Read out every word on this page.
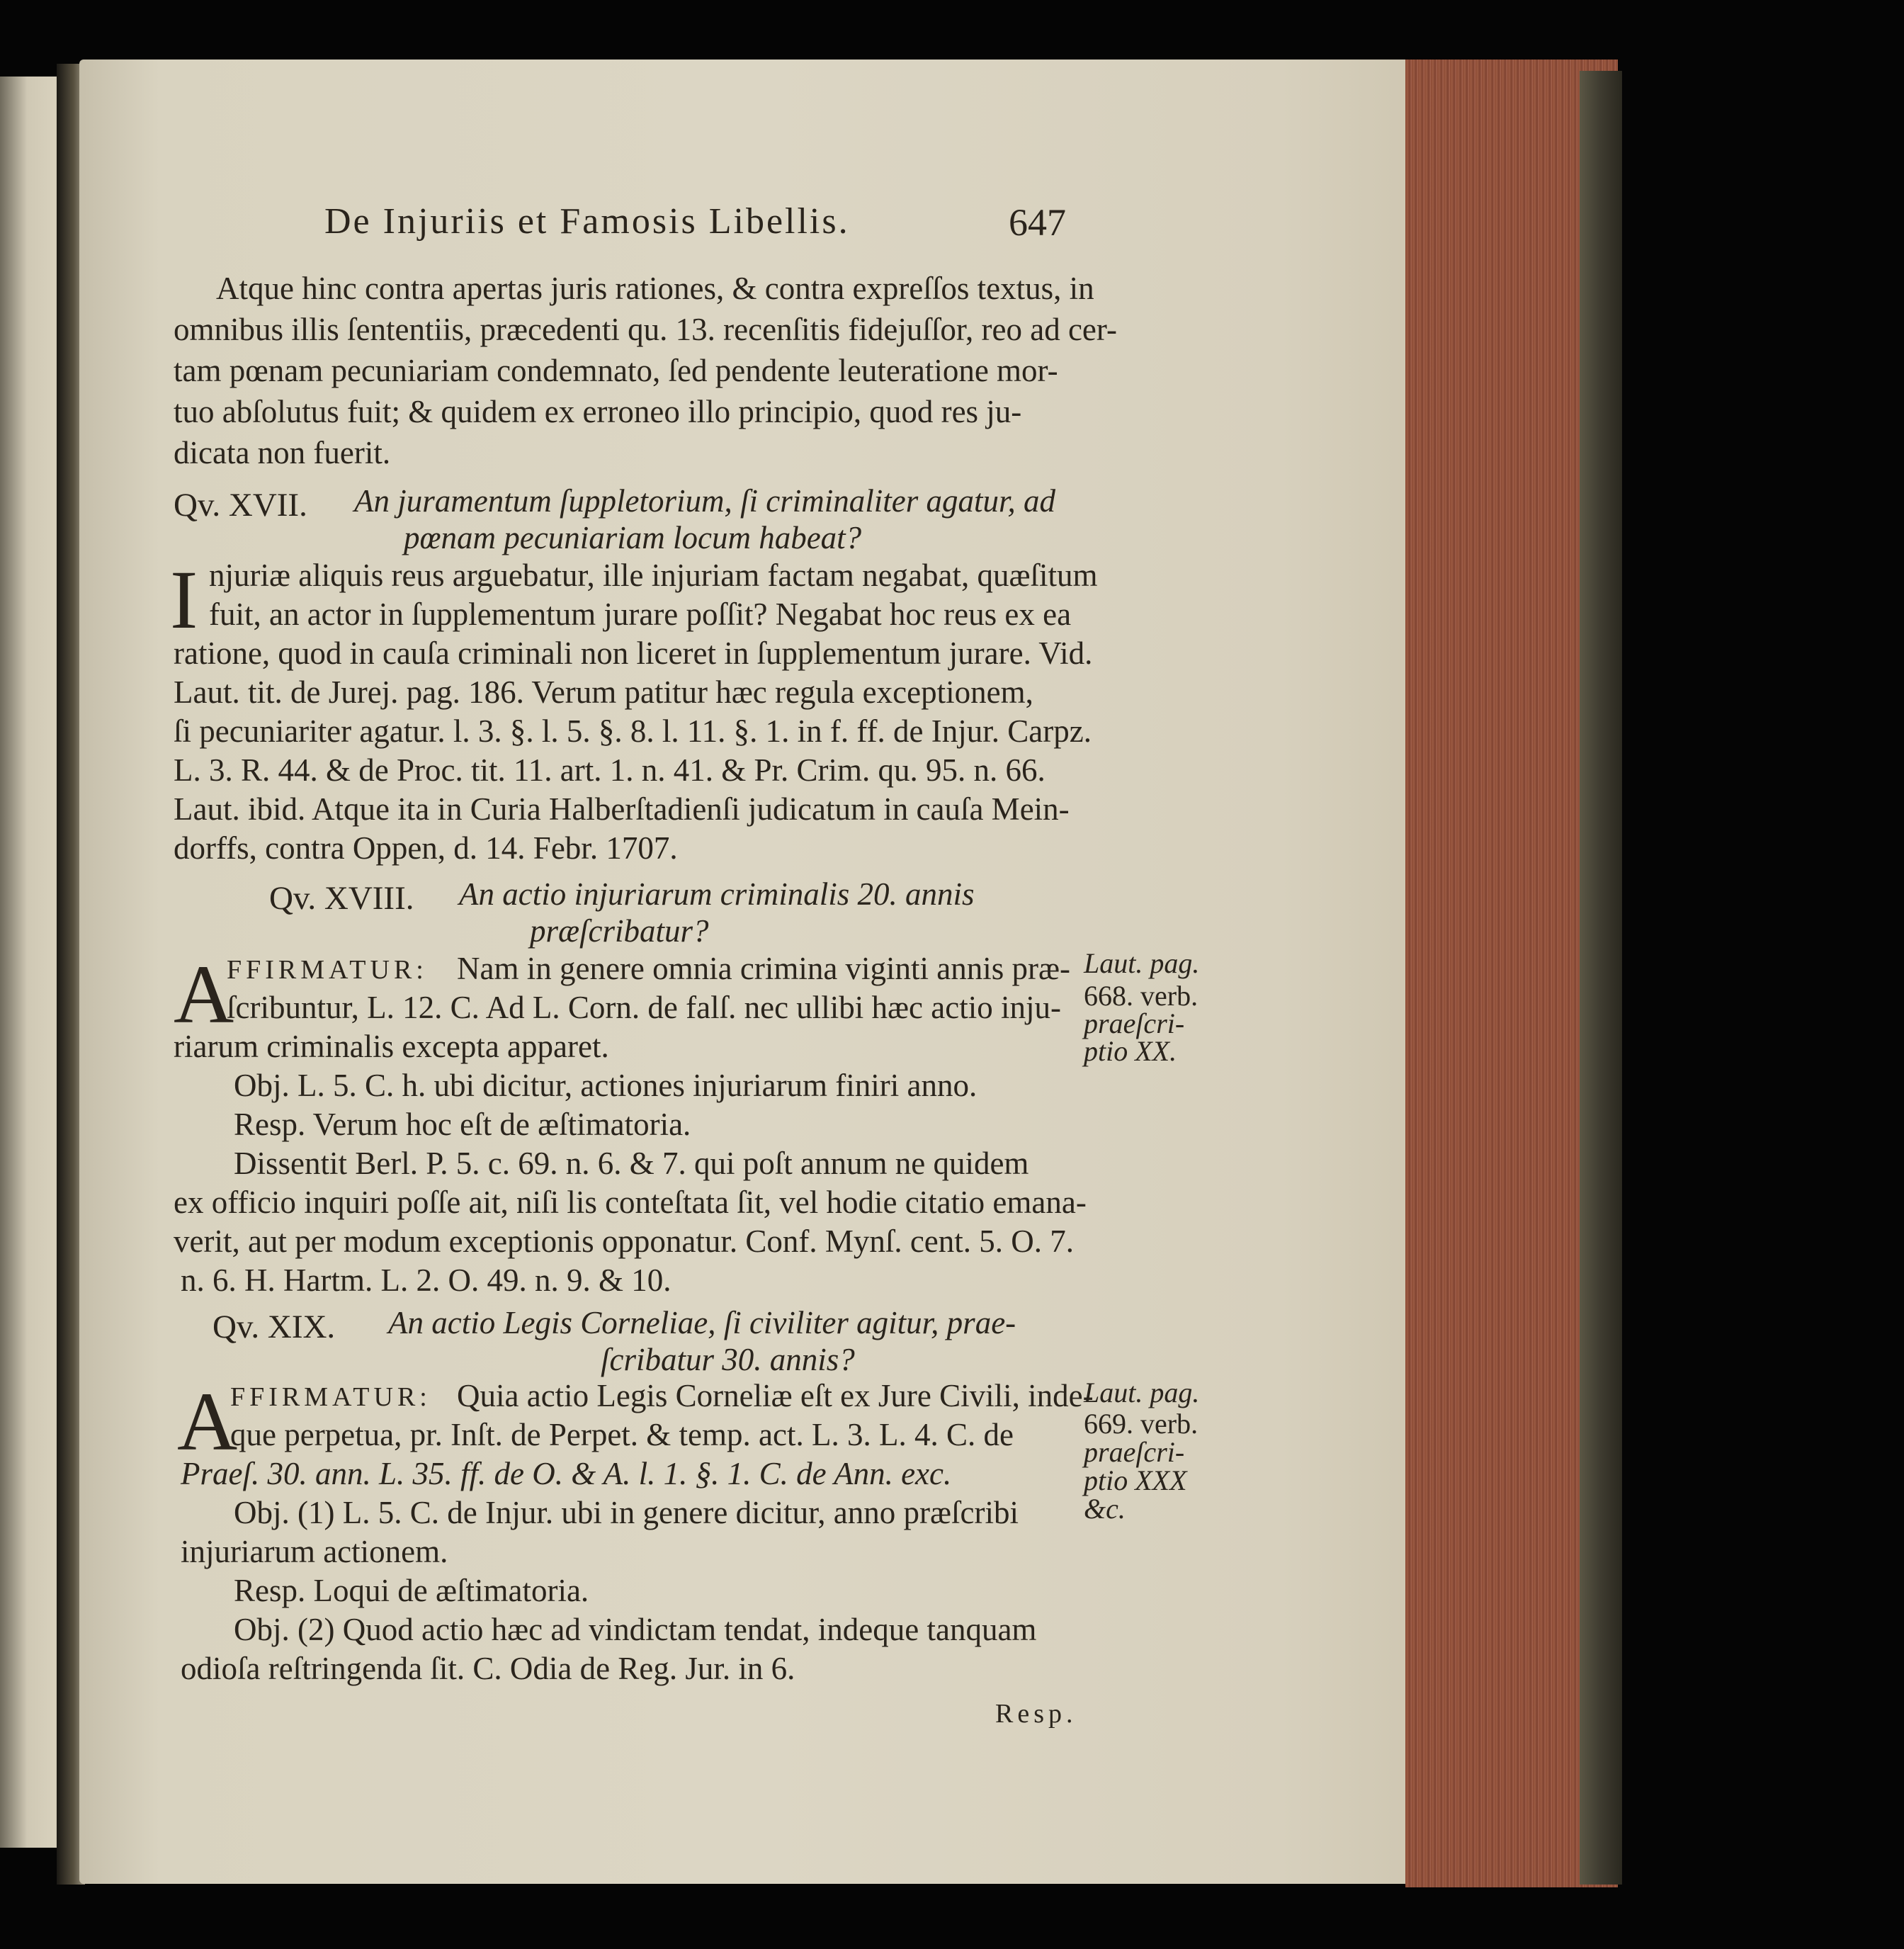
De Injuriis et Famosis Libellis.	647
Atque hinc contra apertas juris rationes, & contra expreſſos textus, in
omnibus illis ſententiis, præcedenti qu. 13. recenſitis fidejuſſor, reo ad cer-
tam pœnam pecuniariam condemnato, ſed pendente leuteratione mor-
tuo abſolutus fuit; & quidem ex erroneo illo principio, quod res ju-
dicata non fuerit.
Qv. XVII. An juramentum ſuppletorium, ſi criminaliter agatur, ad
pœnam pecuniariam locum habeat?
I njuriæ aliquis reus arguebatur, ille injuriam factam negabat, quæſitum
fuit, an actor in ſupplementum jurare poſſit? Negabat hoc reus ex ea
ratione, quod in cauſa criminali non liceret in ſupplementum jurare. Vid.
Laut. tit. de Jurej. pag. 186. Verum patitur hæc regula exceptionem,
ſi pecuniariter agatur. l. 3. §. l. 5. §. 8. l. 11. §. 1. in f. ff. de Injur. Carpz.
L. 3. R. 44. & de Proc. tit. 11. art. 1. n. 41. & Pr. Crim. qu. 95. n. 66.
Laut. ibid. Atque ita in Curia Halberſtadienſi judicatum in cauſa Mein-
dorffs, contra Oppen, d. 14. Febr. 1707.
Qv. XVIII. An actio injuriarum criminalis 20. annis
præſcribatur?
A
FFIRMATUR: Nam in genere omnia crimina viginti annis præ-
ſcribuntur, L. 12. C. Ad L. Corn. de falſ. nec ullibi hæc actio inju-
riarum criminalis excepta apparet.
Obj. L. 5. C. h. ubi dicitur, actiones injuriarum finiri anno.
Resp. Verum hoc eſt de æſtimatoria.
Dissentit Berl. P. 5. c. 69. n. 6. & 7. qui poſt annum ne quidem
ex officio inquiri poſſe ait, niſi lis conteſtata ſit, vel hodie citatio emana-
verit, aut per modum exceptionis opponatur. Conf. Mynſ. cent. 5. O. 7.
n. 6. H. Hartm. L. 2. O. 49. n. 9. & 10.
Laut. pag.
668. verb.
praeſcri-
ptio XX.
Qv. XIX. An actio Legis Corneliae, ſi civiliter agitur, prae-
ſcribatur 30. annis?
A
FFIRMATUR: Quia actio Legis Corneliæ eſt ex Jure Civili, inde-
que perpetua, pr. Inſt. de Perpet. & temp. act. L. 3. L. 4. C. de
Praeſ. 30. ann. L. 35. ff. de O. & A. l. 1. §. 1. C. de Ann. exc.
Obj. (1) L. 5. C. de Injur. ubi in genere dicitur, anno præſcribi
injuriarum actionem.
Resp. Loqui de æſtimatoria.
Obj. (2) Quod actio hæc ad vindictam tendat, indeque tanquam
odioſa reſtringenda ſit. C. Odia de Reg. Jur. in 6.
Laut. pag.
669. verb.
praeſcri-
ptio XXX
&c.
Resp.
